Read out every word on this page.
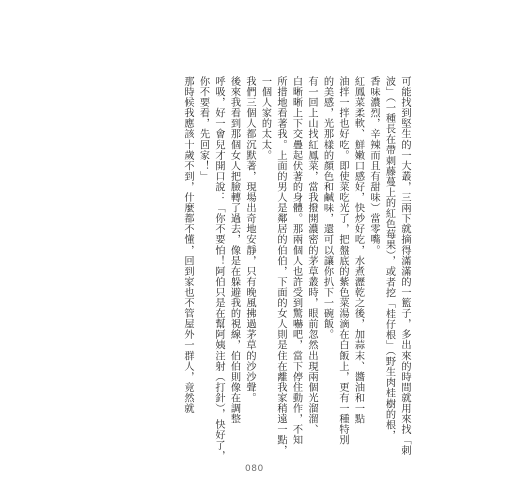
可能找到堅生的一大叢，三兩下就摘得滿滿的一籃子，多出來的時間就用來找「刺

波」（一種長在帶刺藤蔓上的紅色莓果），或者挖「桂仔根」（野生肉桂樹的根，

香味濃烈，辛辣而且有甜味）當零嘴。

紅鳳菜柔軟、鮮嫩口感好，快炒好吃，水煮瀝乾之後，加蒜末、醬油和一點

油拌一拌也好吃。即使菜吃光了，把盤底的紫色菜湯滴在白飯上，更有一種特別

的美感，光那樣的顏色和鹹味，還可以讓你扒下一碗飯。

有一回上山找紅鳳菜，當我撥開濃密的茅草叢時，眼前忽然出現兩個光溜溜、

白晰晰上下交疊起伏著的身體。那兩個人也許受到驚嚇吧，當下停住動作，不知

所措地看著我。上面的男人是鄰居的伯伯，下面的女人則是住在離我家稍遠一點，

一個人家的太太。

我們三個人都沉默著，現場出奇地安靜，只有晚風拂過茅草的沙沙聲。

後來我看到那個女人把臉轉了過去，像是在躲避我的視線，伯伯則像在調整

呼吸，好一會兒才開口說：「你不要怕！阿伯只是在幫阿姨注射（打針），快好了，

你不要看，先回家！」

那時候我應該十歲不到，什麼都不懂，回到家也不管屋外一群人，竟然就

080
